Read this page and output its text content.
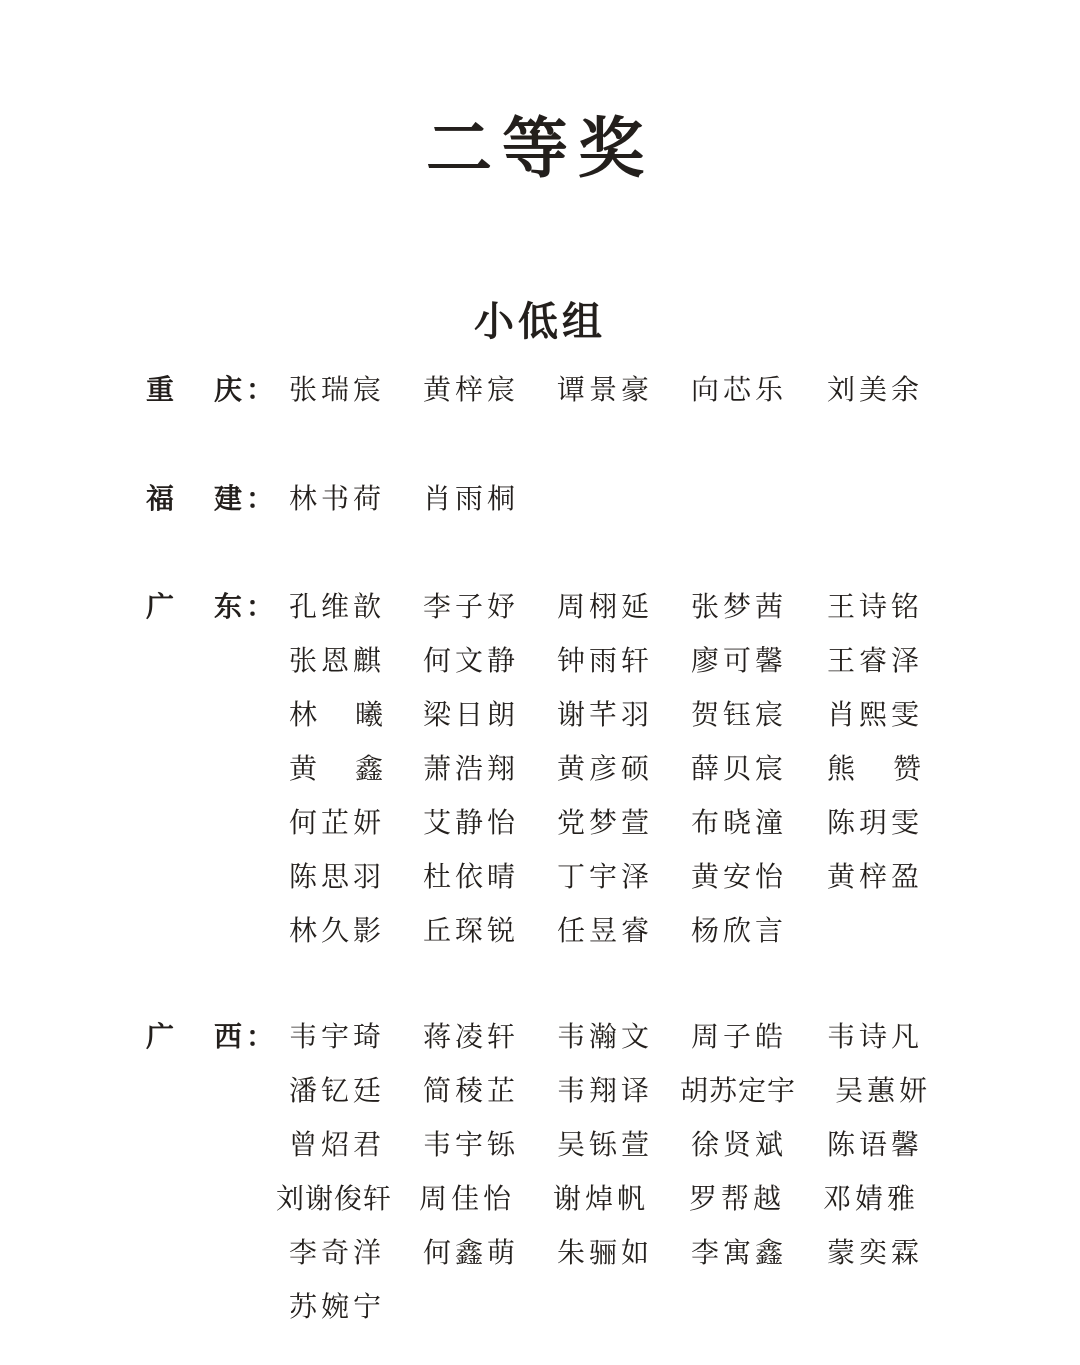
二等奖
小低组
重 庆 ： 张瑞宸	黄梓宸	谭景豪	向芯乐	刘美余
福 建 ： 林书荷	肖雨桐
广 东 ： 孔维歆	李子妤	周栩延	张梦茜	王诗铭
张恩麒	何文静	钟雨轩	廖可馨	王睿泽
林曦 梁日朗	谢芊羽	贺钰宸	肖熙雯
黄鑫 萧浩翔	黄彦硕	薛贝宸	熊赞
何芷妍	艾静怡	党梦萱	布晓潼	陈玥雯
陈思羽	杜依晴	丁宇泽	黄安怡	黄梓盈
林久影	丘琛锐	任昱睿	杨欣言
广 西 ： 韦宇琦	蒋凌轩	韦瀚文	周子皓	韦诗凡
潘钇廷	简稜芷	韦翔译 胡苏定宇	吴蕙妍
曾炤君	韦宇铄	吴铄萱	徐贤斌	陈语馨
刘谢俊轩 周佳怡	谢焯帆	罗帮越	邓婧雅
李奇洋	何鑫萌	朱骊如	李寓鑫	蒙奕霖
苏婉宁
